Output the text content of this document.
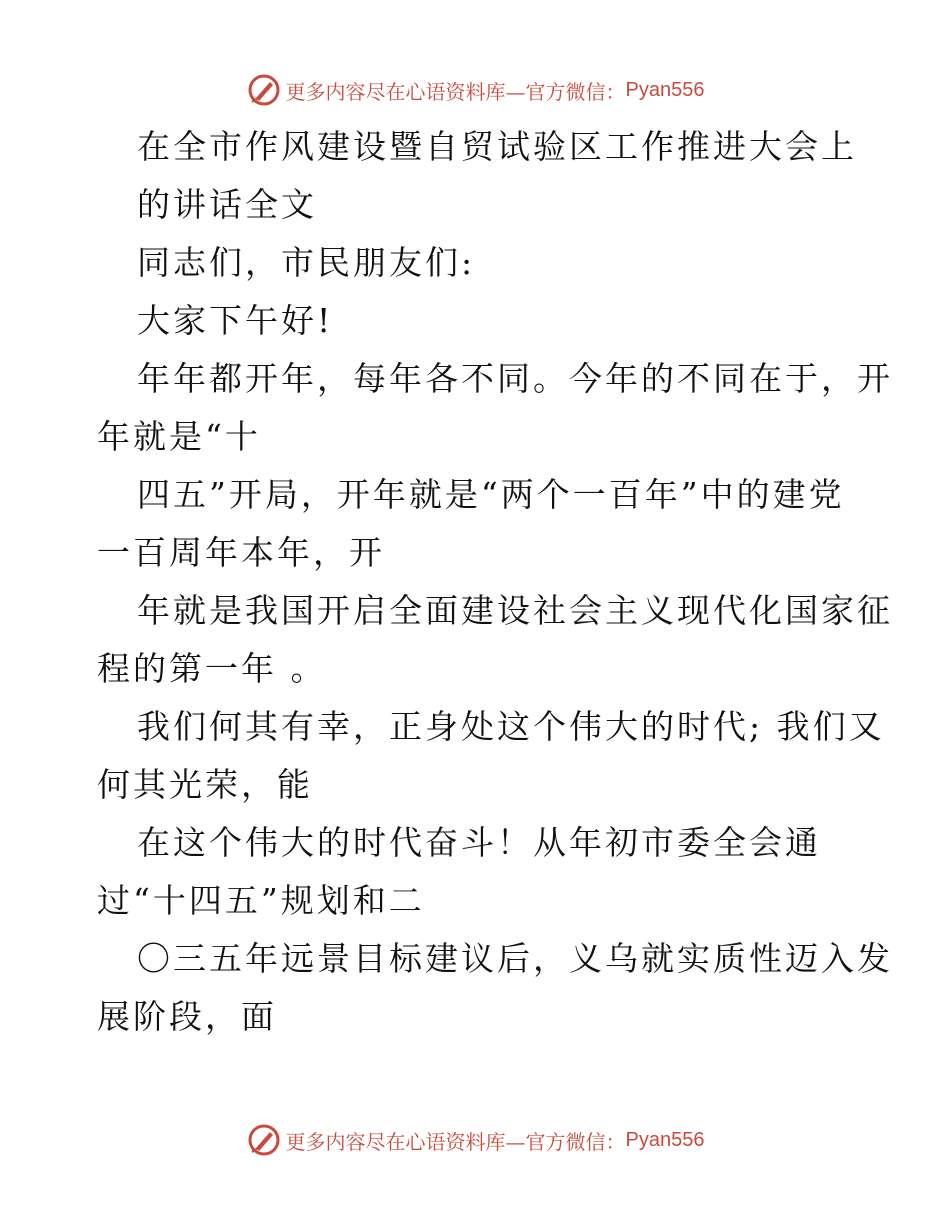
更多内容尽在心语资料库—官方微信： Pyan556
在全市作风建设暨自贸试验区工作推进大会上
的讲话全文
同志们，市民朋友们:
大家下午好!
年年都开年，每年各不同。今年的不同在于，开
年就是“十
四五”开局，开年就是“两个一百年”中的建党
一百周年本年，开
年就是我国开启全面建设社会主义现代化国家征
程的第一年 。
我们何其有幸，正身处这个伟大的时代; 我们又
何其光荣，能
在这个伟大的时代奋斗！从年初市委全会通
过“十四五”规划和二
〇三五年远景目标建议后，义乌就实质性迈入发
展阶段，面
更多内容尽在心语资料库—官方微信： Pyan556
